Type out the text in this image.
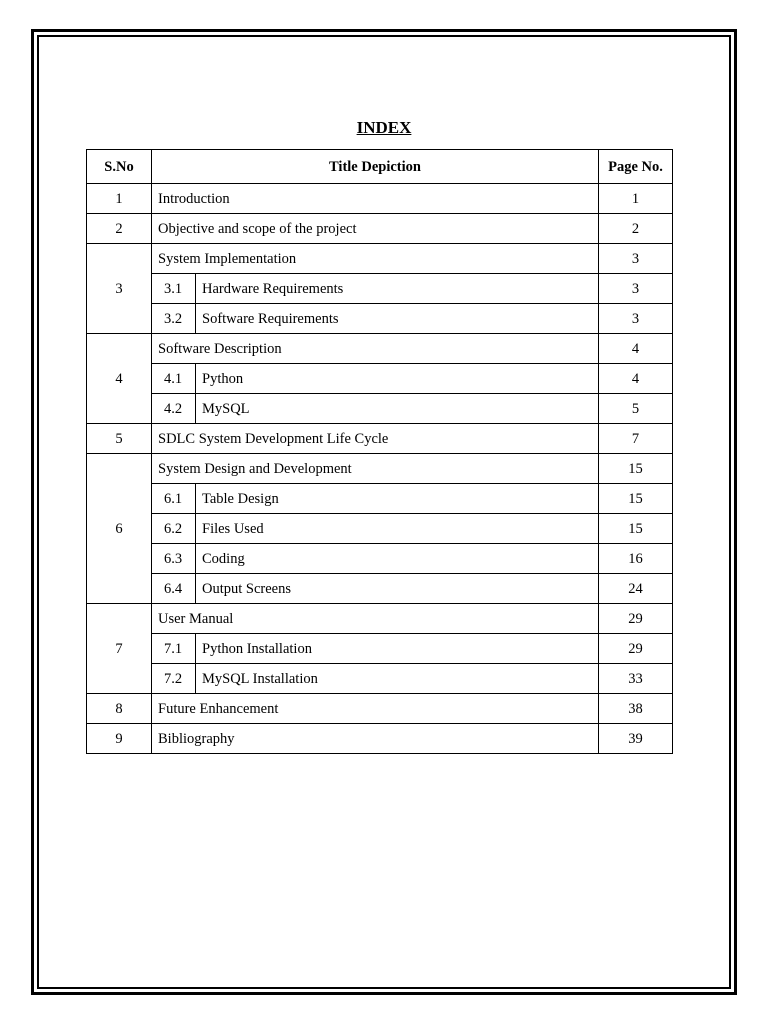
INDEX
S.No	Title Depiction		Page No.
1	Introduction		1
2	Objective and scope of the project		2
3	System Implementation		3
	3.1	Hardware Requirements	3
	3.2	Software Requirements	3
4	Software Description		4
	4.1	Python	4
	4.2	MySQL	5
5	SDLC System Development Life Cycle		7
6	System Design and Development		15
	6.1	Table Design	15
	6.2	Files Used	15
	6.3	Coding	16
	6.4	Output Screens	24
7	User Manual		29
	7.1	Python Installation	29
	7.2	MySQL Installation	33
8	Future Enhancement		38
9	Bibliography		39
